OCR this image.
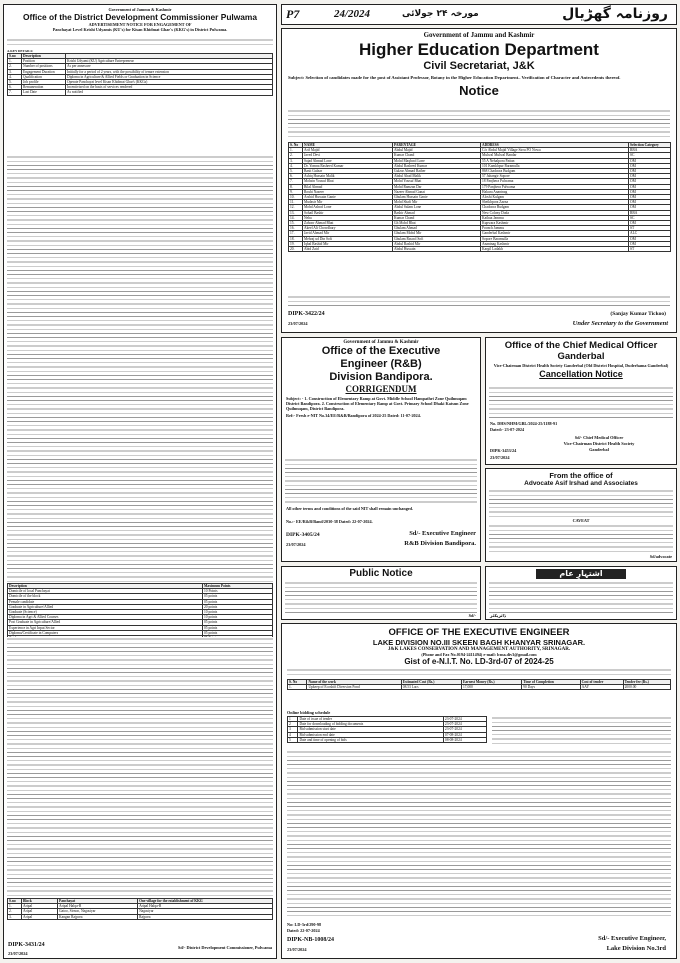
Government of Jammu & Kashmir
Office of the District Development Commissioner Pulwama
ADVERTISEMENT NOTICE FOR ENGAGEMENT OF
Panchayat Level Krishi Udyamis (KU's) for Kisan Khidmat Ghar's (KKG's) in District Pulwama.
A.KEY DETAILS:
S.no	Description	
1.	Position	Krishi Udyami (KU) Agriculture Entrepreneur
2.	Number of positions	As per annexure
3.	Engagement Duration	Initially for a period of 2 years, with the possibility of tenure extension
4.	Qualification	Diploma in Agriculture & Allied Fields or Graduation in Science
5.	Job profile	Operate Panchayat level Kisan Khidmat Ghar's (KKGs)
6.	Remuneration	Incentivised on the basis of services rendered
7.	Last Date	As notified
Description	Maximum Points
Domicile of local Panchayat	10 Points
Domicile of the block	05 points
Female candidate	05 points
Graduate in Agriculture/Allied	20 points
Graduate (Science)	10 points
Diploma in Agri & Allied Courses	10 points
Post Graduate in Agriculture/Allied	05 points
Experience in Agri Input Sector	05 points
Diploma/Certificate in Computers	05 points

S.no	Block	Panchayat	One village for the establishment of KKG
1.	Aripal	Aripal Halqa-B	Aripal Halqa-B
2.	Aripal	Gatoo, Sirnoo, Nagasiyar	Nagasiyar
3.	Aripal	Kangan Rajpora	Rajpora
DIPK-3431/24
23/07/2024
Sd/- District Development Commissioner, Pulwama
P7	24/2024	مورخہ ۲۴ جولائی	روزنامہ گھڑیال
Government of Jammu and Kashmir
Higher Education Department
Civil Secretariat, J&K
Subject: Selection of candidates made for the post of Assistant Professor, Botany in the Higher Education Department– Verification of Character and Antecedents thereof.
Notice
S. No	NAME	PARENTAGE	ADDRESS	Selection Category
1.	Arif Majid	Abdul Majid	C/o Abdul Majid Village Sirru PO Nowa	RBA
2.	Javed Devi	Kumar Chand	Mulwal Mulwal Bandar	SC
3.	Sajad Ahmad Lone	Mohd Maqbool Lone	55 A Nehalpora Pattan	OM
4.	Dr. Yomna Rasheed Kumar	Abdul Rasheed Kumar	101 Kamkhpur Baramulla	OM
5.	Basit Gulzar	Gulzar Ahmad Rather	868 Chadoora Budgam	OM
6.	Ashiq Hussain Malik	Abdul Ahad Malik	57 Jahangir Sopore	OM
7.	Mohsin Yousuf Bhat	Mohd Yousuf Bhat	18 Panjhera Pulwama	OM
8.	Bilal Ahmad	Mohd Ramzan Dar	179 Panjhera Pulwama	OM
9.	Rouhi Nazeer	Nazeer Ahmad Ganai	Hakura Anantnag	OM
10.	Arshid Hussain Ganie	Ghulam Hussain Ganie	Aloshi Kulgam	OM
11.	Mudasir Mir	Mohd Shafi Mir	Sheikhpora Zazna	OM
12.	Mohd Ashraf Lone	Abdul Salam Lone	Chadoora Budgam	OM
13.	Sohail Bashir	Bashir Ahmad	New Colony Doda	RBA
14.	Neha	Kumar Chand	Kathua Jammu	SC
15.	Zahoor Ahmad Bhat	Gh Mohd Bhat	Kupwara Kashmir	OM
16.	Akeel Ali Chowdhary	Ghulam Ahmad	Poonch Jammu	ST
17.	Javid Ahmad Mir	Ghulam Mohd Mir	Ganderbal Kashmir	ALC
18.	Mehraj ud Din Sofi	Ghulam Rasool Sofi	Sopore Baramulla	OM
19.	Iqbal Rashid Mir	Abdul Rashid Mir	Anantnag Kashmir	OM
20.	Abid Zaid	Abdul Hussain	Kargil Ladakh	ST
DIPK-3422/24
23/07/2024
(Sanjay Kumar Tickoo)
Under Secretary to the Government
Government of Jammu & Kashmir
Office of the Executive
Engineer (R&B)
Division Bandipora.
CORRIGENDUM
Subject: - 1. Construction of Elementary Ramp at Govt. Middle School Hampathri Zone Quilmuqam District Bandipora. 2. Construction of Elementary Ramp at Govt. Primary School Dhaki Katsun Zone Quilmuqam, District Bandipora.
Ref:- Fresh e-NIT No.34/EE/R&B/Bandipora of 2024-25 Dated: 11-07-2024.
All other terms and conditions of the said NIT shall remain unchanged.
No.:- EE/R&B/Band/2030-38 Dated: 22-07-2024.
DIPK-3405/24
23/07/2024
Sd/- Executive Engineer
R&B Division Bandipora.
Office of the Chief Medical Officer Ganderbal
Vice-Chairman District Health Society Ganderbal (Old District Hospital, Duderhama Ganderbal)
Cancellation Notice
No. DHS/NHM/GBL/2024-25/1188-91
Dated:- 23-07-2024
Sd/- Chief Medical Officer
Vice-Chairman District Health Society
Ganderbal
DIPK-3453/24
23/07/2024
From the office of
Advocate Asif Irshad and Associates
CAVEAT
Sd/advocate
اشتہارِ عام
ڈائریکٹر
Public Notice
Sd/-
OFFICE OF THE EXECUTIVE ENGINEER
LAKE DIVISION NO.III SKEEN BAGH KHANYAR SRINAGAR.
J&K LAKES CONSERVATION AND MANAGEMENT AUTHORITY, SRINAGAR.
(Phone and Fax No.0194-2411494) e-mail: lcma.div3@gmail.com
Gist of e-N.I.T. No. LD-3rd-07 of 2024-25
S. No	Name of the work	Estimated Cost (Rs.)	Earnest Money (Rs.)	Time of Completion	Cost of tender	Tender fee (Rs.)
1.	Upkeep of Ecoshift Diversion Pond	08.53 Lacs	17,000	90 Days	AAY	2000.00
Online bidding schedule
1	Date of issue of tender	23-07-2024
2	Date for downloading of bidding documents	23-07-2024
3	Bid submission start date	23-07-2024
4	Bid submission end date	07-08-2024
5	Date and time of opening of bids	08-08-2024
No: LD-3rd/290-98
Dated: 22-07-2024
DIPK-NB-1008/24
23/07/2024
Sd/- Executive Engineer,
Lake Division No.3rd
